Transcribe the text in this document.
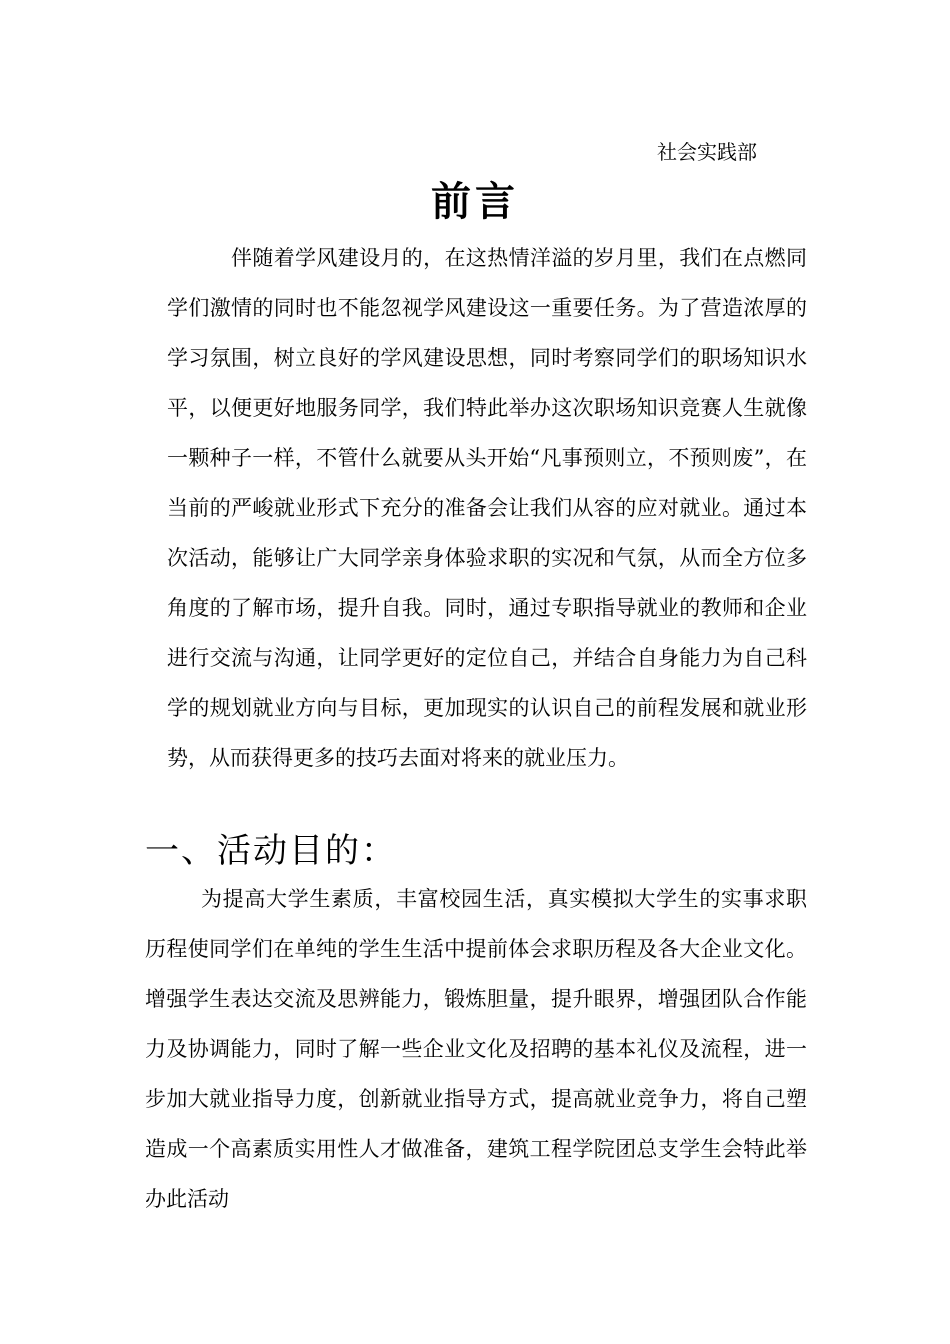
社会实践部
前言

伴随着学风建设月的，在这热情洋溢的岁月里，我们在点燃同学们激情的同时也不能忽视学风建设这一重要任务。为了营造浓厚的学习氛围，树立良好的学风建设思想，同时考察同学们的职场知识水平，以便更好地服务同学，我们特此举办这次职场知识竞赛人生就像一颗种子一样，不管什么就要从头开始“凡事预则立，不预则废”，在当前的严峻就业形式下充分的准备会让我们从容的应对就业。通过本次活动，能够让广大同学亲身体验求职的实况和气氛，从而全方位多角度的了解市场，提升自我。同时，通过专职指导就业的教师和企业进行交流与沟通，让同学更好的定位自己，并结合自身能力为自己科学的规划就业方向与目标，更加现实的认识自己的前程发展和就业形势，从而获得更多的技巧去面对将来的就业压力。

一、活动目的：

为提高大学生素质，丰富校园生活，真实模拟大学生的实事求职历程使同学们在单纯的学生生活中提前体会求职历程及各大企业文化。增强学生表达交流及思辨能力，锻炼胆量，提升眼界，增强团队合作能力及协调能力，同时了解一些企业文化及招聘的基本礼仪及流程，进一步加大就业指导力度，创新就业指导方式，提高就业竞争力，将自己塑造成一个高素质实用性人才做准备，建筑工程学院团总支学生会特此举办此活动
